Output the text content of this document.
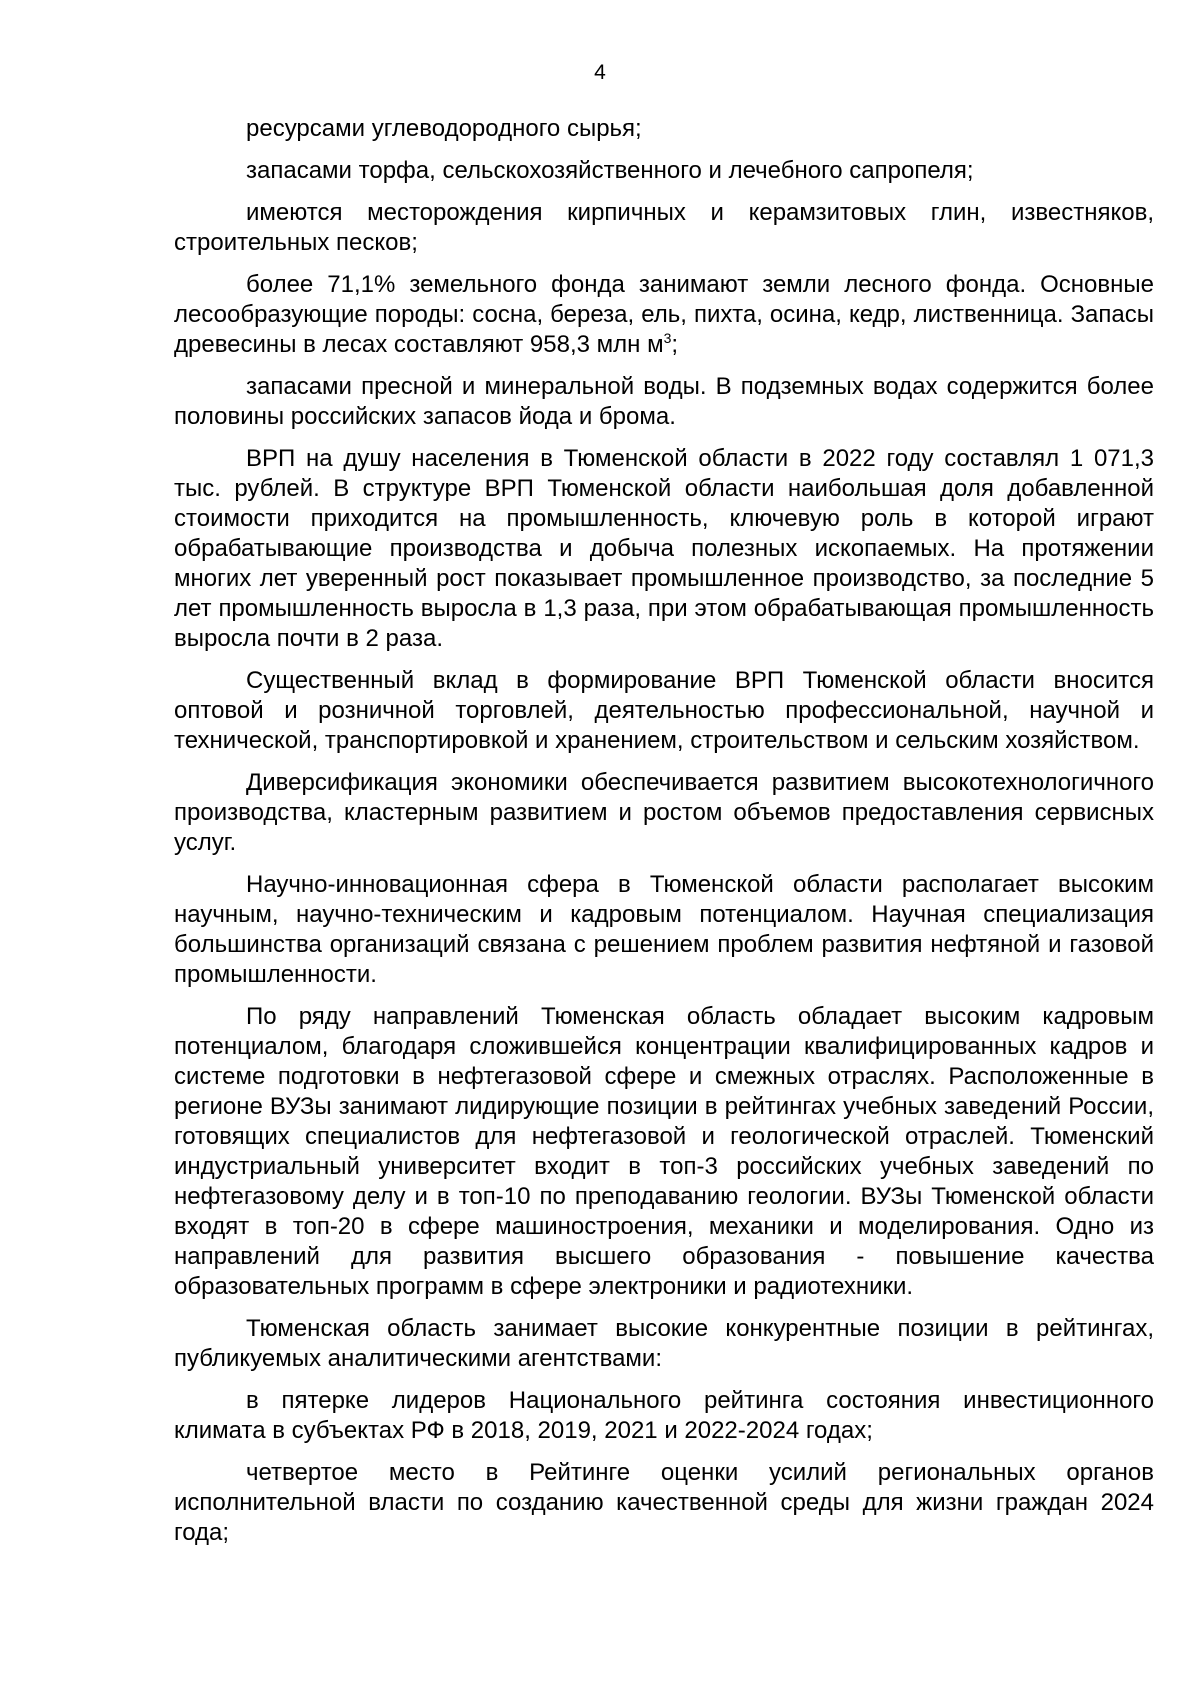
4

ресурсами углеводородного сырья;

запасами торфа, сельскохозяйственного и лечебного сапропеля;

имеются месторождения кирпичных и керамзитовых глин, известняков, строительных песков;

более 71,1% земельного фонда занимают земли лесного фонда. Основные лесообразующие породы: сосна, береза, ель, пихта, осина, кедр, лиственница. Запасы древесины в лесах составляют 958,3 млн $м^3$;

запасами пресной и минеральной воды. В подземных водах содержится более половины российских запасов йода и брома.

ВРП на душу населения в Тюменской области в 2022 году составлял 1 071,3 тыс. рублей. В структуре ВРП Тюменской области наибольшая доля добавленной стоимости приходится на промышленность, ключевую роль в которой играют обрабатывающие производства и добыча полезных ископаемых. На протяжении многих лет уверенный рост показывает промышленное производство, за последние 5 лет промышленность выросла в 1,3 раза, при этом обрабатывающая промышленность выросла почти в 2 раза.

Существенный вклад в формирование ВРП Тюменской области вносится оптовой и розничной торговлей, деятельностью профессиональной, научной и технической, транспортировкой и хранением, строительством и сельским хозяйством.

Диверсификация экономики обеспечивается развитием высокотехнологичного производства, кластерным развитием и ростом объемов предоставления сервисных услуг.

Научно-инновационная сфера в Тюменской области располагает высоким научным, научно-техническим и кадровым потенциалом. Научная специализация большинства организаций связана с решением проблем развития нефтяной и газовой промышленности.

По ряду направлений Тюменская область обладает высоким кадровым потенциалом, благодаря сложившейся концентрации квалифицированных кадров и системе подготовки в нефтегазовой сфере и смежных отраслях. Расположенные в регионе ВУЗы занимают лидирующие позиции в рейтингах учебных заведений России, готовящих специалистов для нефтегазовой и геологической отраслей. Тюменский индустриальный университет входит в топ-3 российских учебных заведений по нефтегазовому делу и в топ-10 по преподаванию геологии. ВУЗы Тюменской области входят в топ-20 в сфере машиностроения, механики и моделирования. Одно из направлений для развития высшего образования - повышение качества образовательных программ в сфере электроники и радиотехники.

Тюменская область занимает высокие конкурентные позиции в рейтингах, публикуемых аналитическими агентствами:

в пятерке лидеров Национального рейтинга состояния инвестиционного климата в субъектах РФ в 2018, 2019, 2021 и 2022-2024 годах;

четвертое место в Рейтинге оценки усилий региональных органов исполнительной власти по созданию качественной среды для жизни граждан 2024 года;
